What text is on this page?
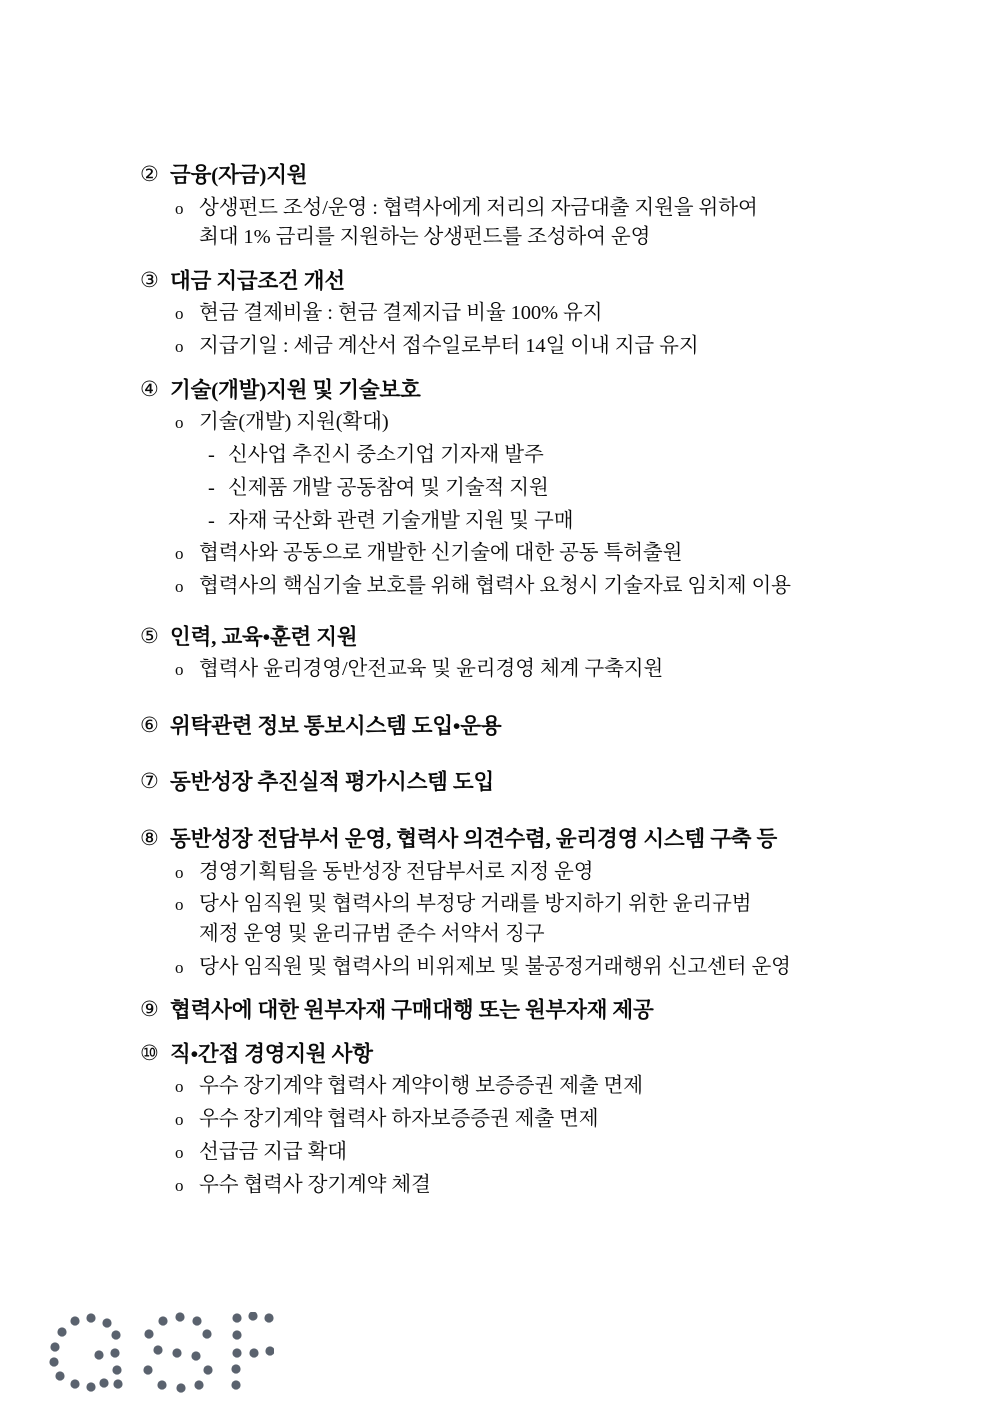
② 금융(자금)지원
o 상생펀드 조성/운영 : 협력사에게 저리의 자금대출 지원을 위하여
최대 1% 금리를 지원하는 상생펀드를 조성하여 운영
③ 대금 지급조건 개선
o 현금 결제비율 : 현금 결제지급 비율 100% 유지
o 지급기일 : 세금 계산서 접수일로부터 14일 이내 지급 유지
④ 기술(개발)지원 및 기술보호
o 기술(개발) 지원(확대)
- 신사업 추진시 중소기업 기자재 발주
- 신제품 개발 공동참여 및 기술적 지원
- 자재 국산화 관련 기술개발 지원 및 구매
o 협력사와 공동으로 개발한 신기술에 대한 공동 특허출원
o 협력사의 핵심기술 보호를 위해 협력사 요청시 기술자료 임치제 이용
⑤ 인력, 교육•훈련 지원
o 협력사 윤리경영/안전교육 및 윤리경영 체계 구축지원
⑥ 위탁관련 정보 통보시스템 도입•운용
⑦ 동반성장 추진실적 평가시스템 도입
⑧ 동반성장 전담부서 운영, 협력사 의견수렴, 윤리경영 시스템 구축 등
o 경영기획팀을 동반성장 전담부서로 지정 운영
o 당사 임직원 및 협력사의 부정당 거래를 방지하기 위한 윤리규범
제정 운영 및 윤리규범 준수 서약서 징구
o 당사 임직원 및 협력사의 비위제보 및 불공정거래행위 신고센터 운영
⑨ 협력사에 대한 원부자재 구매대행 또는 원부자재 제공
⑩ 직•간접 경영지원 사항
o 우수 장기계약 협력사 계약이행 보증증권 제출 면제
o 우수 장기계약 협력사 하자보증증권 제출 면제
o 선급금 지급 확대
o 우수 협력사 장기계약 체결
